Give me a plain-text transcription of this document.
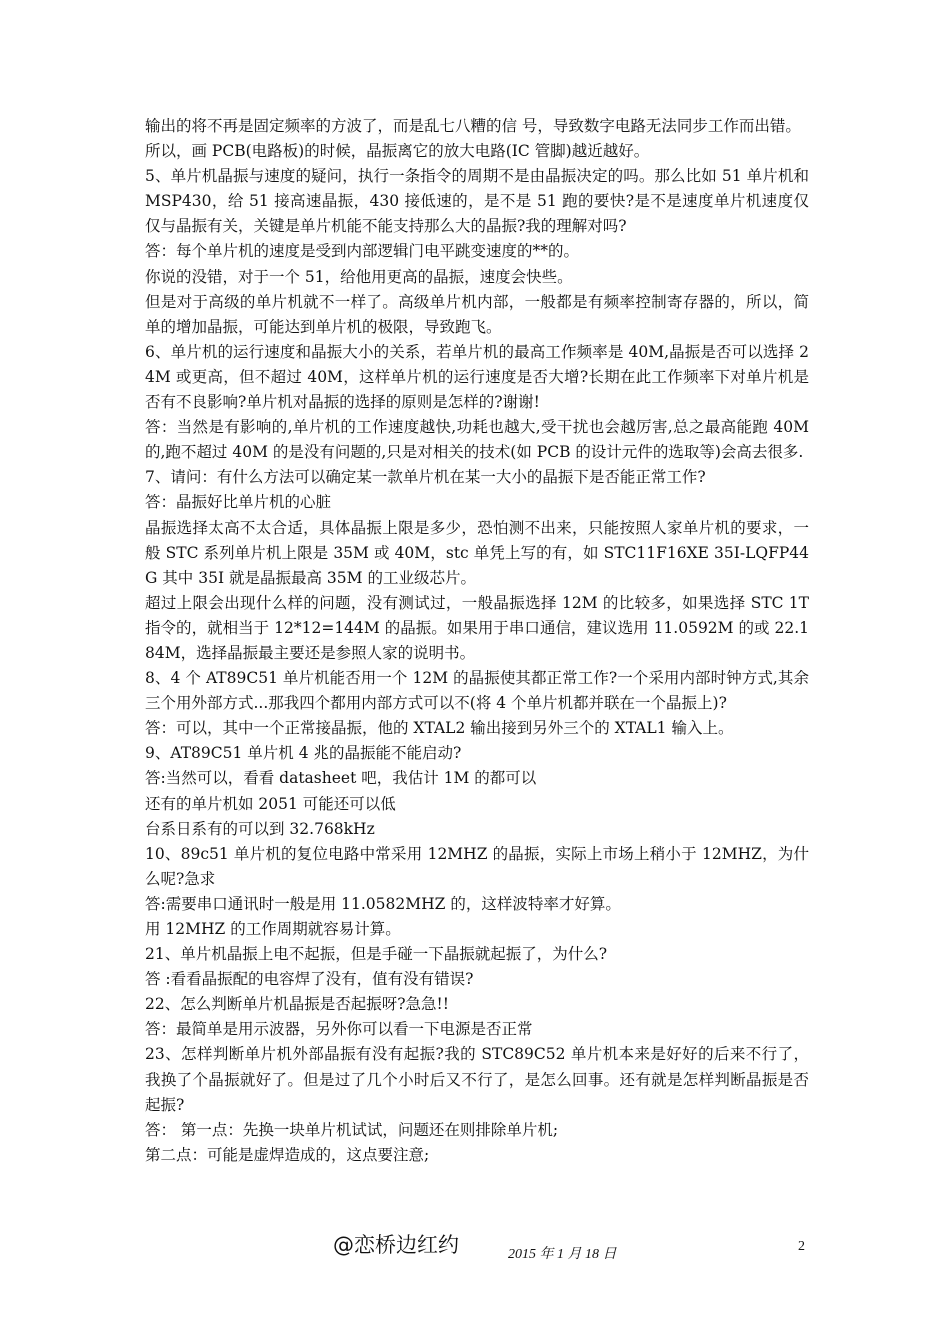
输出的将不再是固定频率的方波了，而是乱七八糟的信 号，导致数字电路无法同步工作而出错。

所以，画 PCB(电路板)的时候，晶振离它的放大电路(IC 管脚)越近越好。

5、单片机晶振与速度的疑问，执行一条指令的周期不是由晶振决定的吗。那么比如 51 单片机和 MSP430，给 51 接高速晶振，430 接低速的，是不是 51 跑的要快?是不是速度单片机速度仅仅与晶振有关，关键是单片机能不能支持那么大的晶振?我的理解对吗?

答：每个单片机的速度是受到内部逻辑门电平跳变速度的**的。

你说的没错，对于一个 51，给他用更高的晶振，速度会快些。

但是对于高级的单片机就不一样了。高级单片机内部，一般都是有频率控制寄存器的，所以，简单的增加晶振，可能达到单片机的极限，导致跑飞。

6、单片机的运行速度和晶振大小的关系，若单片机的最高工作频率是 40M,晶振是否可以选择 24M 或更高，但不超过 40M，这样单片机的运行速度是否大增?长期在此工作频率下对单片机是否有不良影响?单片机对晶振的选择的原则是怎样的?谢谢!

答：当然是有影响的,单片机的工作速度越快,功耗也越大,受干扰也会越厉害,总之最高能跑 40M 的,跑不超过 40M 的是没有问题的,只是对相关的技术(如 PCB 的设计元件的选取等)会高去很多.

7、请问：有什么方法可以确定某一款单片机在某一大小的晶振下是否能正常工作?

答：晶振好比单片机的心脏

晶振选择太高不太合适，具体晶振上限是多少，恐怕测不出来，只能按照人家单片机的要求，一般 STC 系列单片机上限是 35M 或 40M，stc 单凭上写的有，如 STC11F16XE 35I-LQFP44G 其中 35I 就是晶振最高 35M 的工业级芯片。

超过上限会出现什么样的问题，没有测试过，一般晶振选择 12M 的比较多，如果选择 STC 1T 指令的，就相当于 12*12=144M 的晶振。如果用于串口通信，建议选用 11.0592M 的或 22.184M，选择晶振最主要还是参照人家的说明书。

8、4 个 AT89C51 单片机能否用一个 12M 的晶振使其都正常工作?一个采用内部时钟方式,其余三个用外部方式...那我四个都用内部方式可以不(将 4 个单片机都并联在一个晶振上)?

答：可以，其中一个正常接晶振，他的 XTAL2 输出接到另外三个的 XTAL1 输入上。

9、AT89C51 单片机 4 兆的晶振能不能启动?

答:当然可以，看看 datasheet 吧，我估计 1M 的都可以

还有的单片机如 2051 可能还可以低

台系日系有的可以到 32.768kHz

10、89c51 单片机的复位电路中常采用 12MHZ 的晶振，实际上市场上稍小于 12MHZ，为什么呢?急求

答:需要串口通讯时一般是用 11.0582MHZ 的，这样波特率才好算。

用 12MHZ 的工作周期就容易计算。

21、单片机晶振上电不起振，但是手碰一下晶振就起振了，为什么?

答 :看看晶振配的电容焊了没有，值有没有错误?

22、怎么判断单片机晶振是否起振呀?急急!!

答：最简单是用示波器，另外你可以看一下电源是否正常

23、怎样判断单片机外部晶振有没有起振?我的 STC89C52 单片机本来是好好的后来不行了，我换了个晶振就好了。但是过了几个小时后又不行了，是怎么回事。还有就是怎样判断晶振是否起振?

答： 第一点：先换一块单片机试试，问题还在则排除单片机;

第二点：可能是虚焊造成的，这点要注意;

@恋桥边红约	2015 年 1 月 18 日
2
